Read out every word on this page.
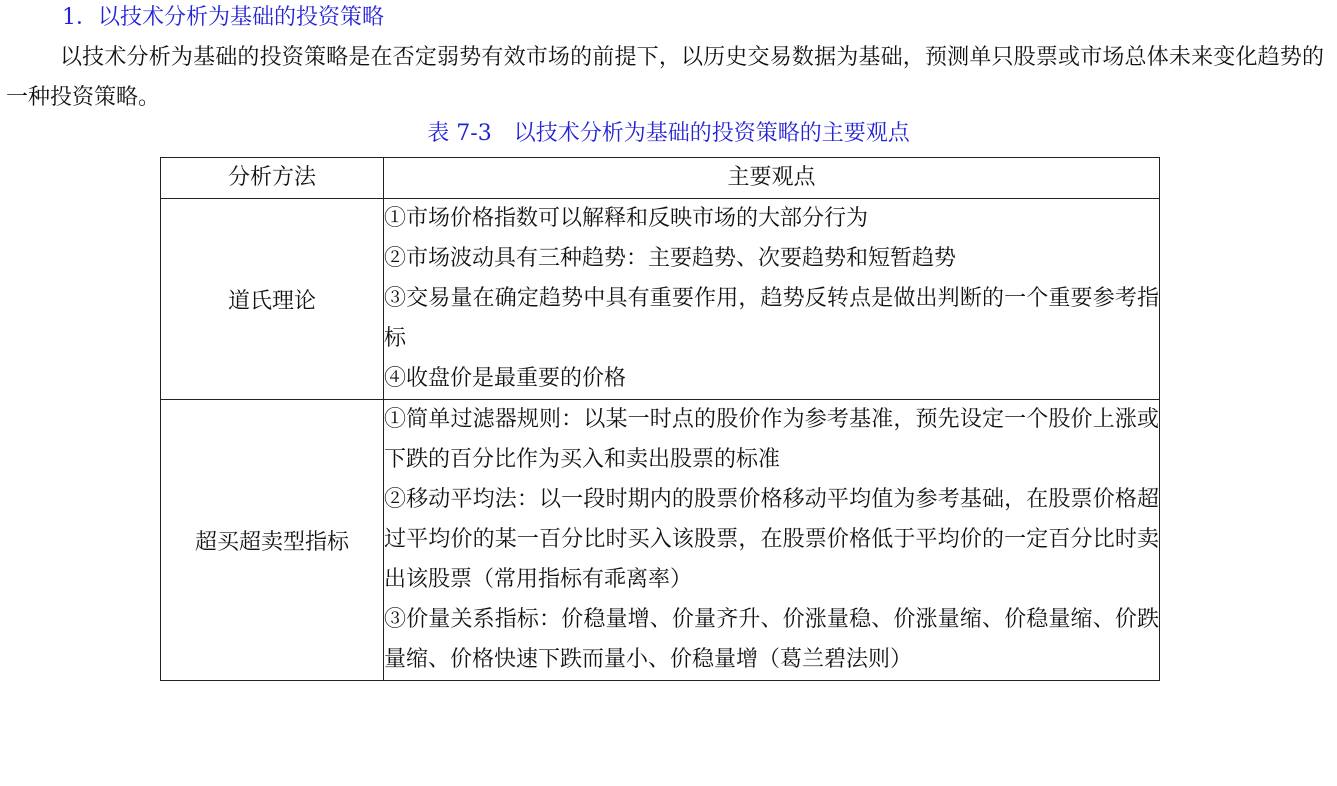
1．以技术分析为基础的投资策略
以技术分析为基础的投资策略是在否定弱势有效市场的前提下，以历史交易数据为基础，预测单只股票或市场总体未来变化趋势的一种投资策略。
表 7-3　以技术分析为基础的投资策略的主要观点
分析方法	主要观点
道氏理论	①市场价格指数可以解释和反映市场的大部分行为
②市场波动具有三种趋势：主要趋势、次要趋势和短暂趋势
③交易量在确定趋势中具有重要作用，趋势反转点是做出判断的一个重要参考指标
④收盘价是最重要的价格

超买超卖型指标	①简单过滤器规则：以某一时点的股价作为参考基准，预先设定一个股价上涨或下跌的百分比作为买入和卖出股票的标准
②移动平均法：以一段时期内的股票价格移动平均值为参考基础，在股票价格超过平均价的某一百分比时买入该股票，在股票价格低于平均价的一定百分比时卖出该股票（常用指标有乖离率）
③价量关系指标：价稳量增、价量齐升、价涨量稳、价涨量缩、价稳量缩、价跌量缩、价格快速下跌而量小、价稳量增（葛兰碧法则）
